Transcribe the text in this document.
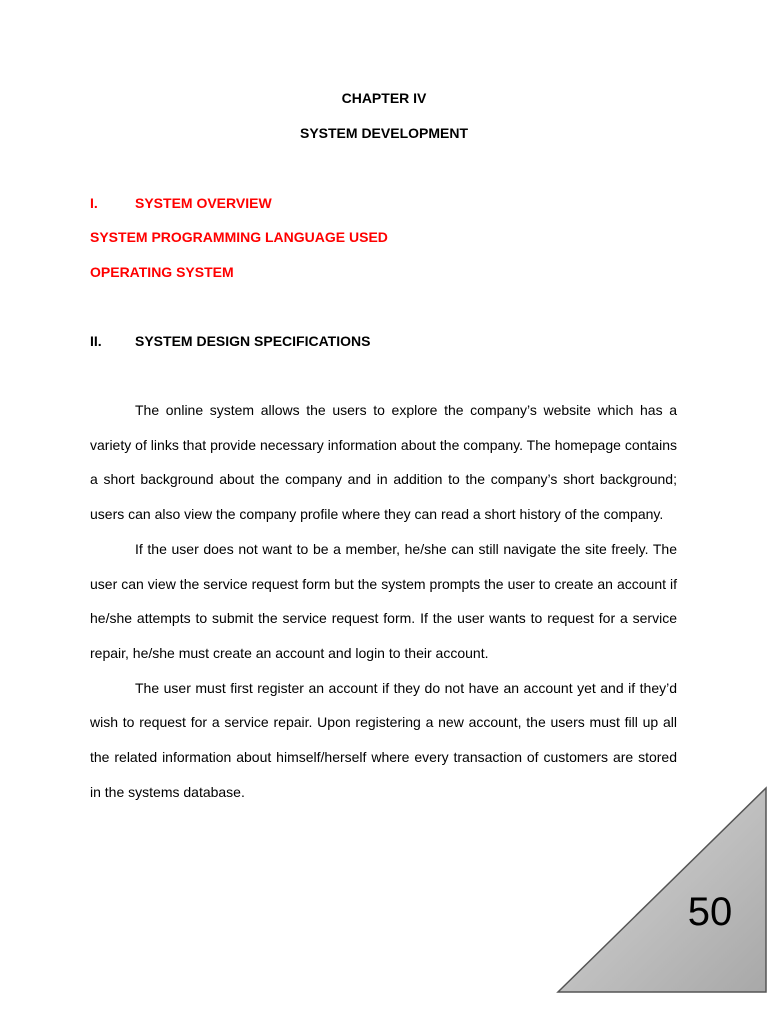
CHAPTER IV
SYSTEM DEVELOPMENT
I.	SYSTEM OVERVIEW
SYSTEM PROGRAMMING LANGUAGE USED
OPERATING SYSTEM
II. SYSTEM DESIGN SPECIFICATIONS

The online system allows the users to explore the company’s website which has a variety of links that provide necessary information about the company. The homepage contains a short background about the company and in addition to the company’s short background; users can also view the company profile where they can read a short history of the company.

If the user does not want to be a member, he/she can still navigate the site freely. The user can view the service request form but the system prompts the user to create an account if he/she attempts to submit the service request form. If the user wants to request for a service repair, he/she must create an account and login to their account.

The user must first register an account if they do not have an account yet and if they’d wish to request for a service repair. Upon registering a new account, the users must fill up all the related information about himself/herself where every transaction of customers are stored in the systems database.

50
